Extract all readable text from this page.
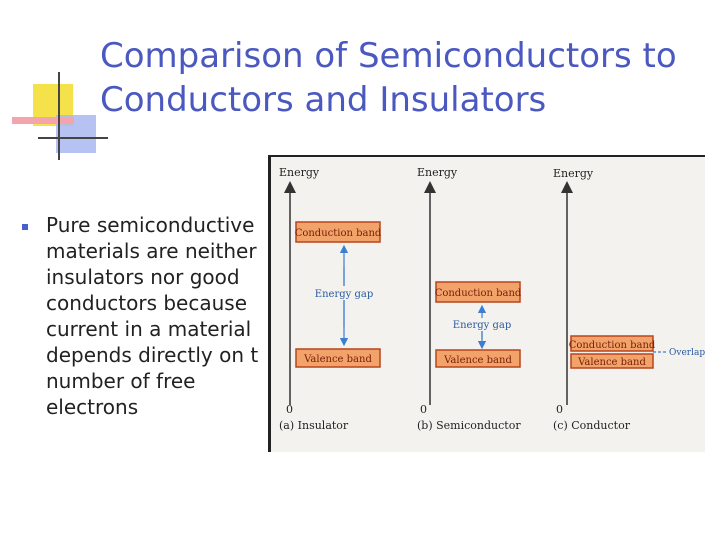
Comparison of Semiconductors to
Conductors and Insulators

Pure semiconductive
materials are neither
insulators nor good
conductors because
current in a material
depends directly on t
number of free
electrons

Energy
Conduction band
Energy gap
Valence band
0
(a) Insulator
Energy
Conduction band
Energy gap
Valence band
0
(b) Semiconductor
Energy
Conduction band
Valence band
Overlap
0
(c) Conductor
